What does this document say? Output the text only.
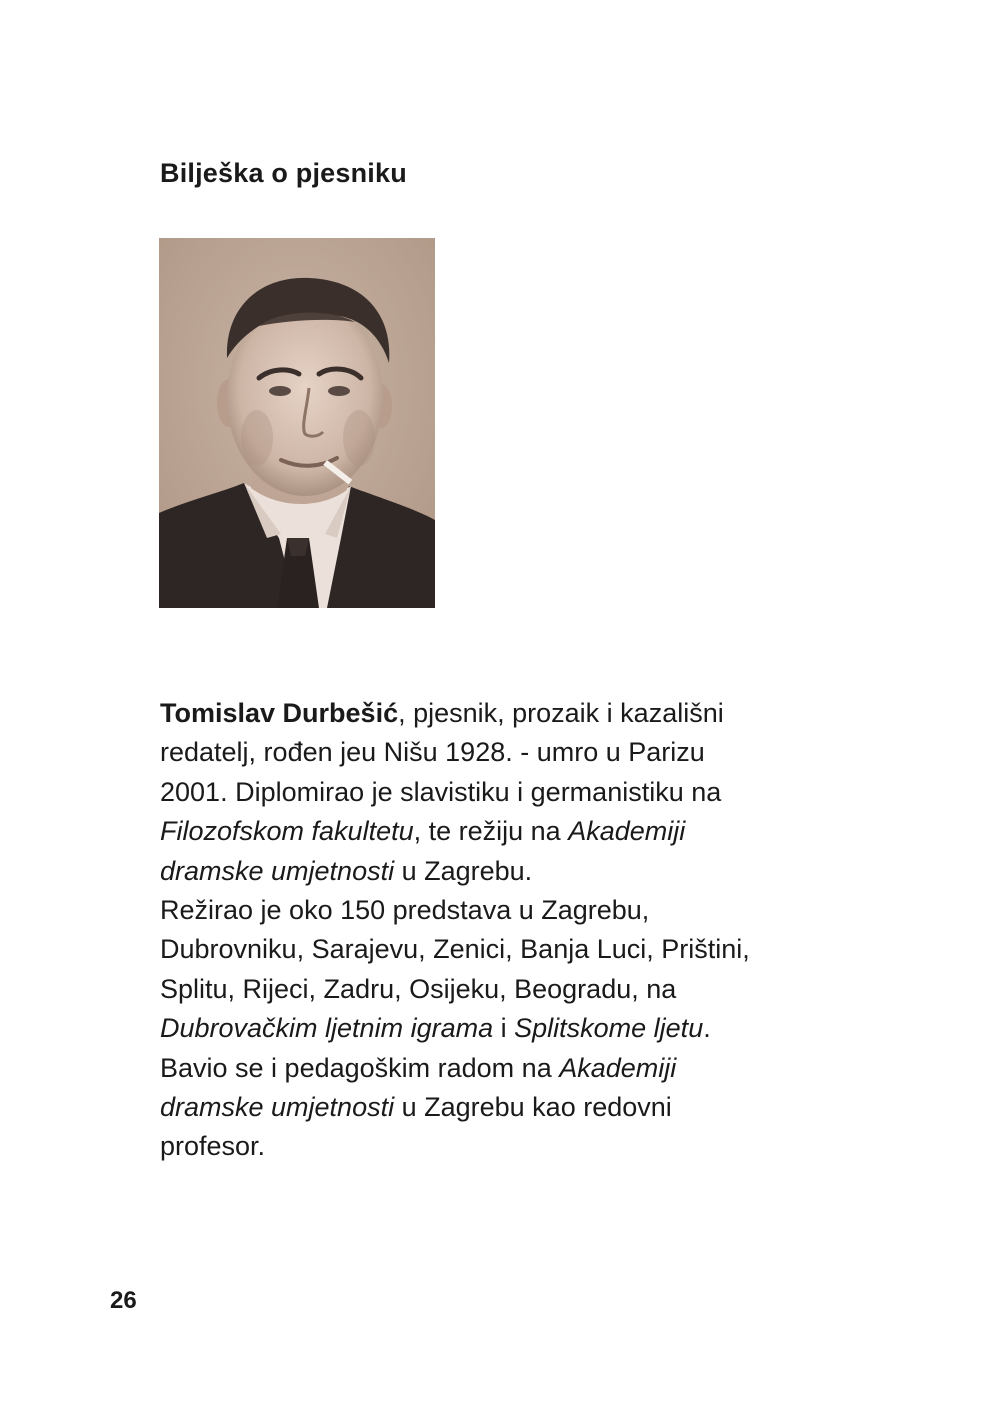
Bilješka o pjesniku
Tomislav Durbešić, pjesnik, prozaik i kazališni
redatelj, rođen jeu Nišu 1928. - umro u Parizu
2001. Diplomirao je slavistiku i germanistiku na
Filozofskom fakultetu, te režiju na Akademiji
dramske umjetnosti u Zagrebu.
Režirao je oko 150 predstava u Zagrebu,
Dubrovniku, Sarajevu, Zenici, Banja Luci, Prištini,
Splitu, Rijeci, Zadru, Osijeku, Beogradu, na
Dubrovačkim ljetnim igrama i Splitskome ljetu.
Bavio se i pedagoškim radom na Akademiji
dramske umjetnosti u Zagrebu kao redovni
profesor.
26
